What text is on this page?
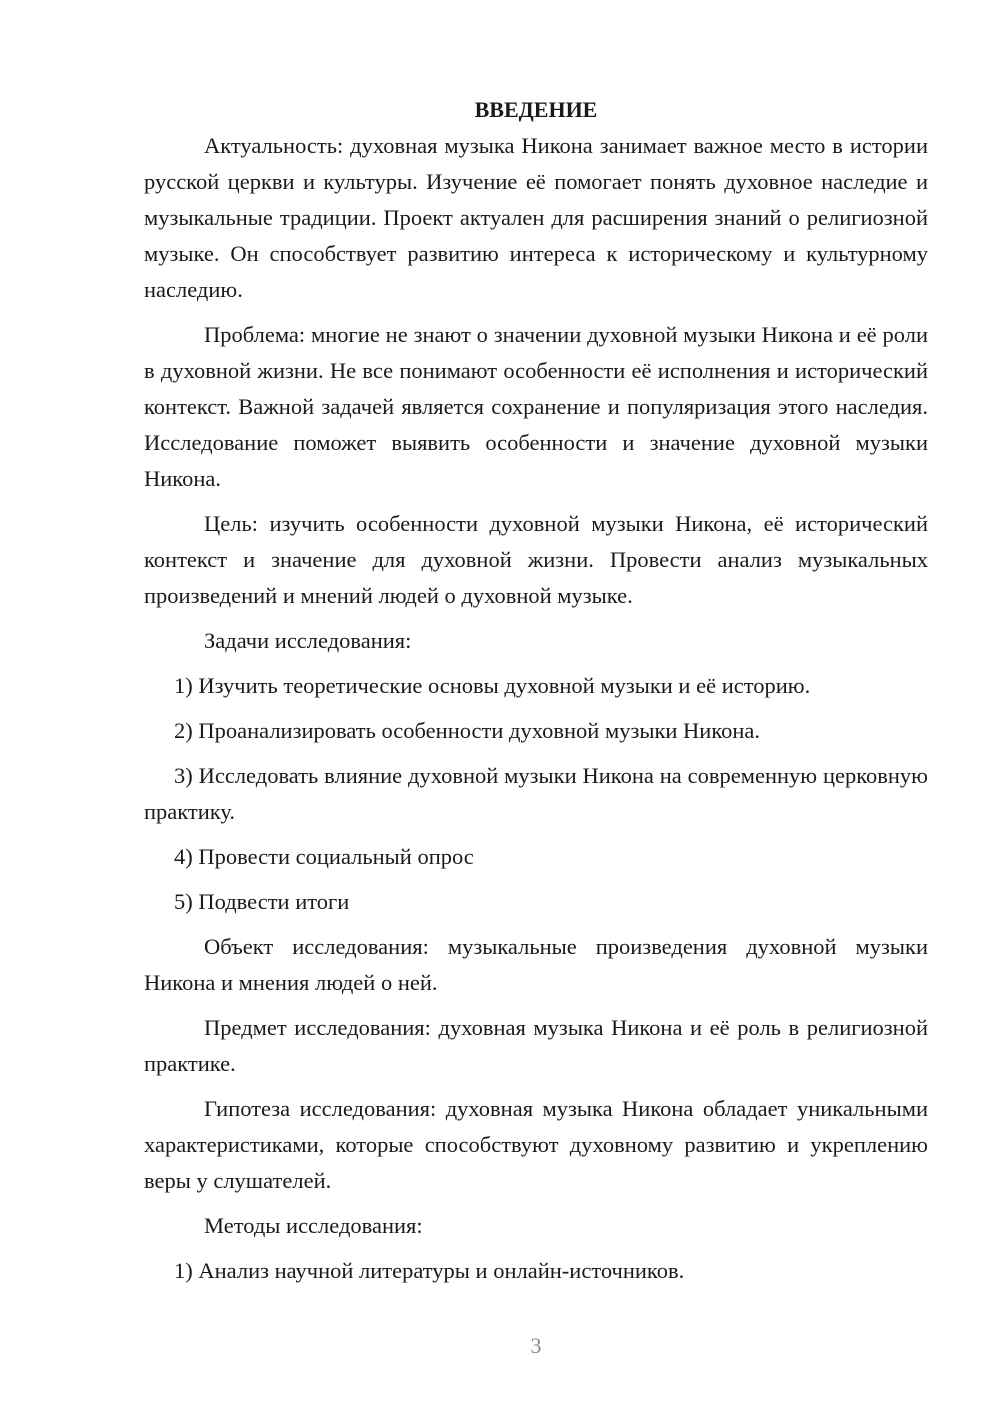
ВВЕДЕНИЕ
Актуальность: духовная музыка Никона занимает важное место в истории русской церкви и культуры. Изучение её помогает понять духовное наследие и музыкальные традиции. Проект актуален для расширения знаний о религиозной музыке. Он способствует развитию интереса к историческому и культурному наследию.
Проблема: многие не знают о значении духовной музыки Никона и её роли в духовной жизни. Не все понимают особенности её исполнения и исторический контекст. Важной задачей является сохранение и популяризация этого наследия. Исследование поможет выявить особенности и значение духовной музыки Никона.
Цель: изучить особенности духовной музыки Никона, её исторический контекст и значение для духовной жизни. Провести анализ музыкальных произведений и мнений людей о духовной музыке.
Задачи исследования:
1) Изучить теоретические основы духовной музыки и её историю.
2) Проанализировать особенности духовной музыки Никона.
3) Исследовать влияние духовной музыки Никона на современную церковную практику.
4) Провести социальный опрос
5) Подвести итоги
Объект исследования: музыкальные произведения духовной музыки Никона и мнения людей о ней.
Предмет исследования: духовная музыка Никона и её роль в религиозной практике.
Гипотеза исследования: духовная музыка Никона обладает уникальными характеристиками, которые способствуют духовному развитию и укреплению веры у слушателей.
Методы исследования:
1) Анализ научной литературы и онлайн-источников.
3
